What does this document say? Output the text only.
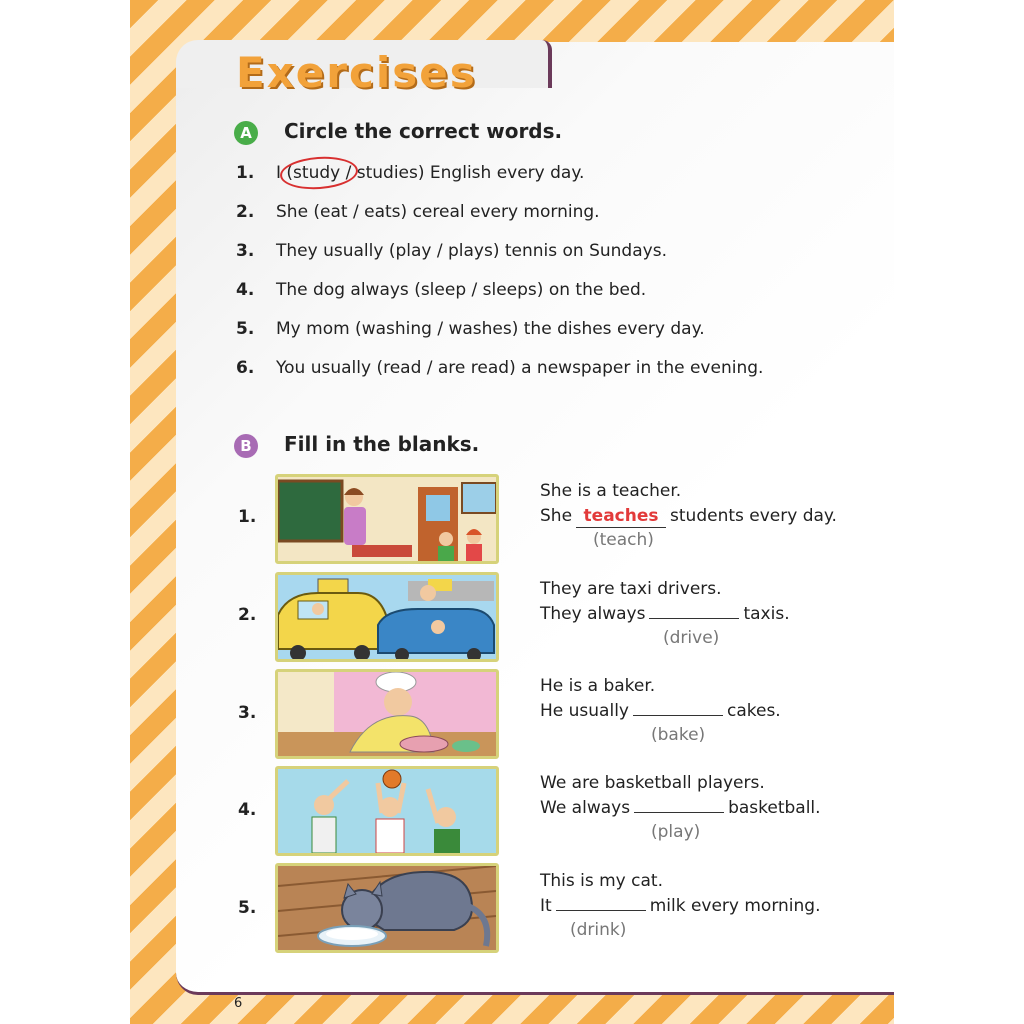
Exercises
A	Circle the correct words.
1. I (study / studies) English every day.
2. She (eat / eats) cereal every morning.
3. They usually (play / plays) tennis on Sundays.
4. The dog always (sleep / sleeps) on the bed.
5. My mom (washing / washes) the dishes every day.
6. You usually (read / are read) a newspaper in the evening.
B	Fill in the blanks.
1.
She is a teacher.
She teaches students every day.
(teach)
2.
They are taxi drivers.
They always	taxis.
(drive)
3.
He is a baker.
He usually	cakes.
(bake)
4.
We are basketball players.
We always	basketball.
(play)
5.
This is my cat.
It	milk every morning.
(drink)
6
